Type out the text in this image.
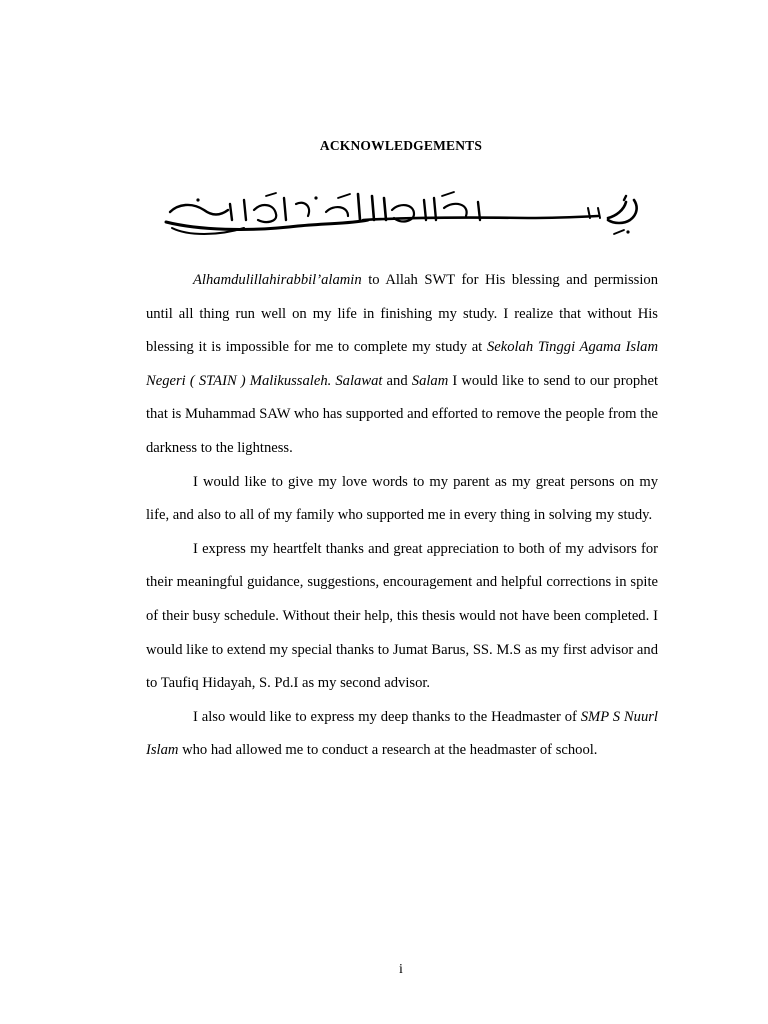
ACKNOWLEDGEMENTS

Alhamdulillahirabbil’alamin to Allah SWT for His blessing and permission until all thing run well on my life in finishing my study. I realize that without His blessing it is impossible for me to complete my study at Sekolah Tinggi Agama Islam Negeri ( STAIN ) Malikussaleh. Salawat and Salam I would like to send to our prophet that is Muhammad SAW who has supported and efforted to remove the people from the darkness to the lightness.

I would like to give my love words to my parent as my great persons on my life, and also to all of my family who supported me in every thing in solving my study.

I express my heartfelt thanks and great appreciation to both of my advisors for their meaningful guidance, suggestions, encouragement and helpful corrections in spite of their busy schedule. Without their help, this thesis would not have been completed. I would like to extend my special thanks to Jumat Barus, SS. M.S as my first advisor and to Taufiq Hidayah, S. Pd.I as my second advisor.

I also would like to express my deep thanks to the Headmaster of SMP S Nuurl Islam who had allowed me to conduct a research at the headmaster of school.

i
